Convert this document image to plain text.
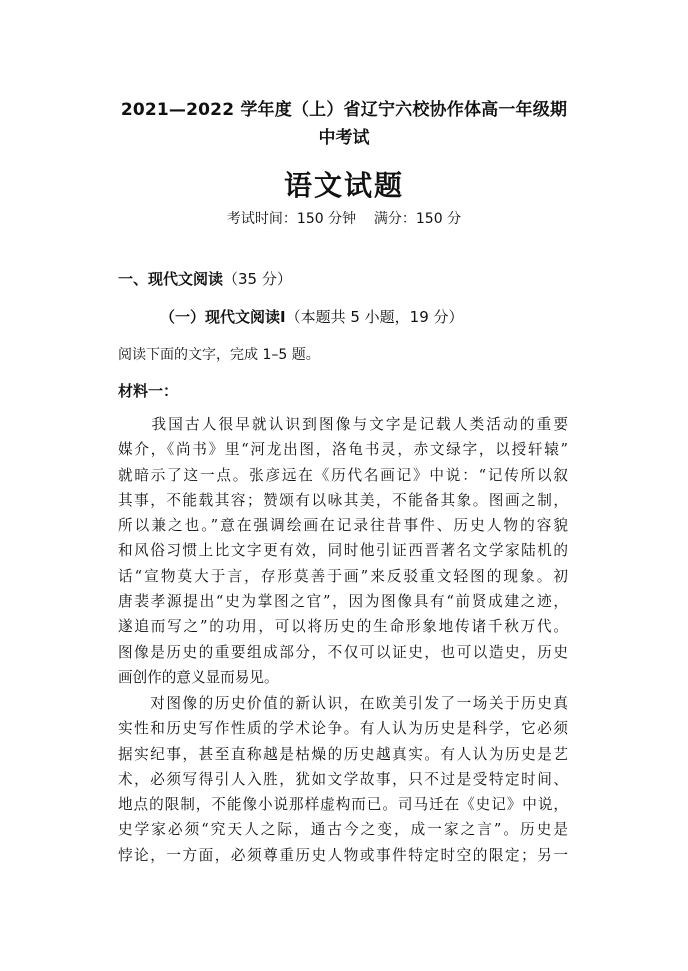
2021—2022 学年度（上）省辽宁六校协作体高一年级期
中考试
语文试题
考试时间：150 分钟    满分：150 分
一、现代文阅读（35 分）
（一）现代文阅读Ⅰ（本题共 5 小题，19 分）
阅读下面的文字，完成 1–5 题。
材料一：
　　我国古人很早就认识到图像与文字是记载人类活动的重要
媒介，《尚书》里“河龙出图，洛龟书灵，赤文绿字，以授轩辕”
就暗示了这一点。张彦远在《历代名画记》中说：“记传所以叙
其事，不能载其容；赞颂有以咏其美，不能备其象。图画之制，
所以兼之也。”意在强调绘画在记录往昔事件、历史人物的容貌
和风俗习惯上比文字更有效，同时他引证西晋著名文学家陆机的
话“宣物莫大于言，存形莫善于画”来反驳重文轻图的现象。初
唐裴孝源提出“史为掌图之官”，因为图像具有“前贤成建之迹，
遂追而写之”的功用，可以将历史的生命形象地传诸千秋万代。
图像是历史的重要组成部分，不仅可以证史，也可以造史，历史
画创作的意义显而易见。
　　对图像的历史价值的新认识，在欧美引发了一场关于历史真
实性和历史写作性质的学术论争。有人认为历史是科学，它必须
据实纪事，甚至直称越是枯燥的历史越真实。有人认为历史是艺
术，必须写得引人入胜，犹如文学故事，只不过是受特定时间、
地点的限制，不能像小说那样虚构而已。司马迁在《史记》中说，
史学家必须“究天人之际，通古今之变，成一家之言”。历史是
悖论，一方面，必须尊重历史人物或事件特定时空的限定；另一
